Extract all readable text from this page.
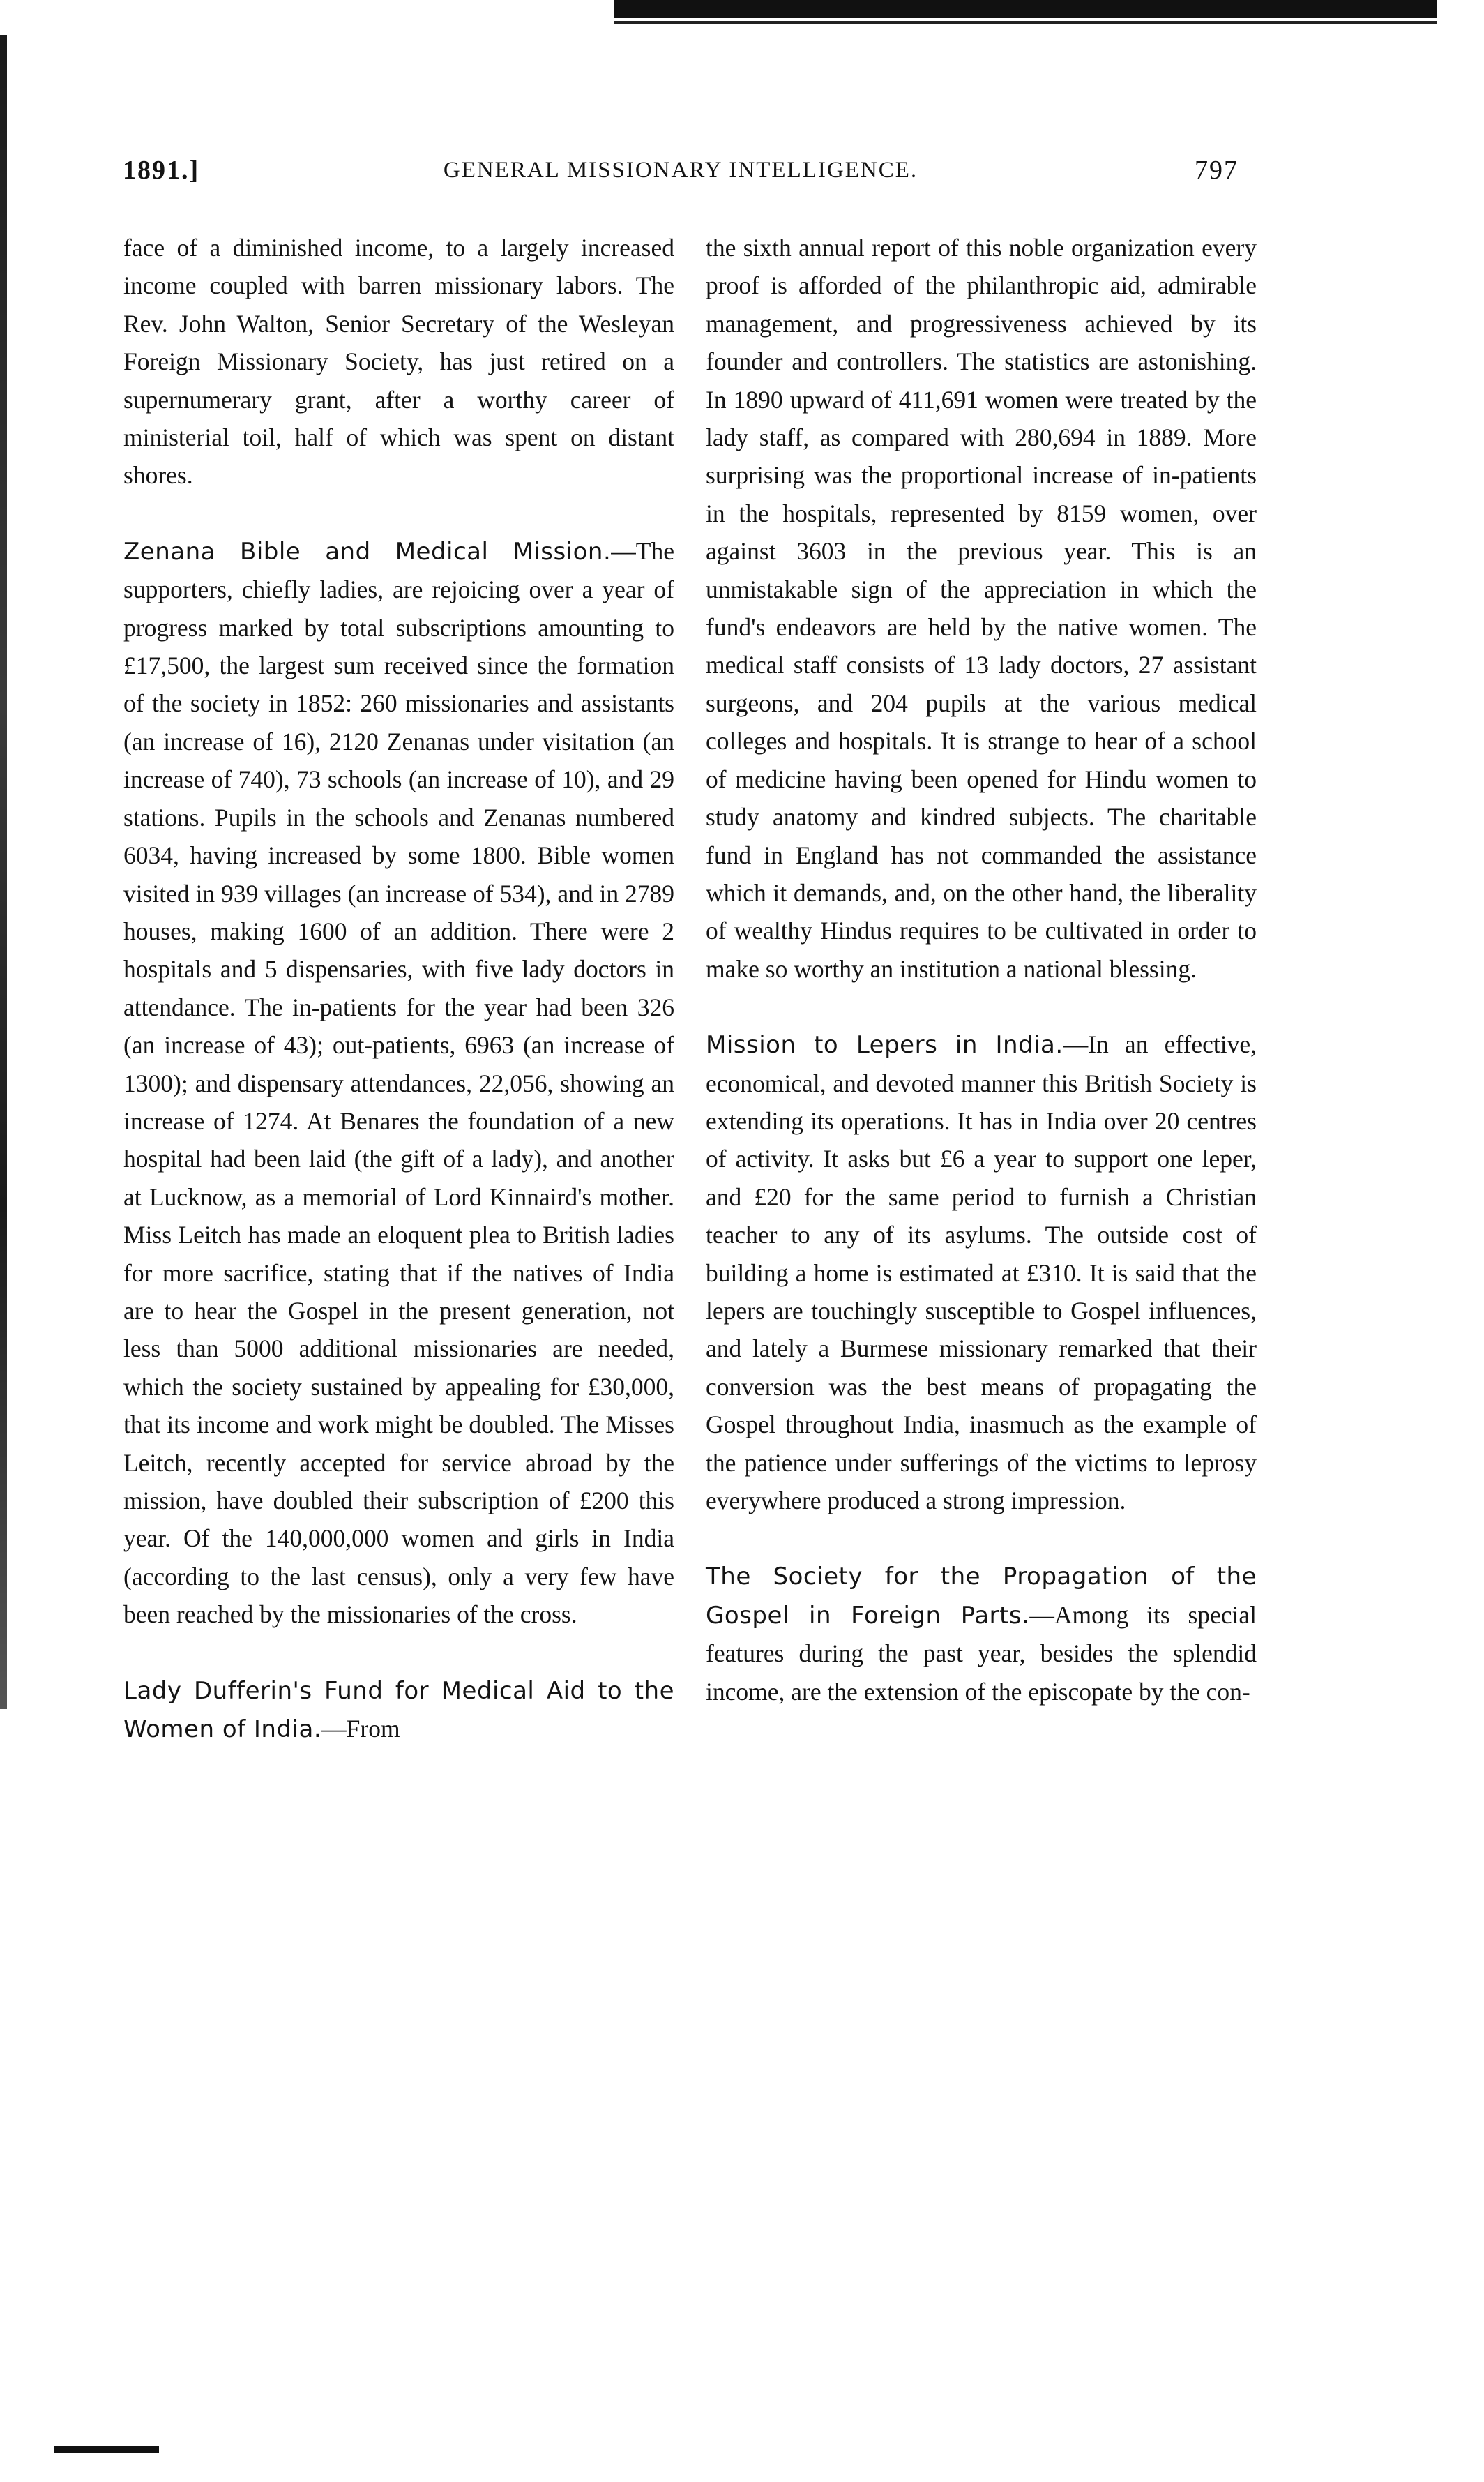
1891.]	GENERAL MISSIONARY INTELLIGENCE.	797

face of a diminished income, to a largely increased income coupled with barren missionary labors. The Rev. John Walton, Senior Secretary of the Wesleyan Foreign Missionary Society, has just retired on a supernumerary grant, after a worthy career of ministerial toil, half of which was spent on distant shores.

Zenana Bible and Medical Mission.—The supporters, chiefly ladies, are rejoicing over a year of progress marked by total subscriptions amounting to £17,500, the largest sum received since the formation of the society in 1852: 260 missionaries and assistants (an increase of 16), 2120 Zenanas under visitation (an increase of 740), 73 schools (an increase of 10), and 29 stations. Pupils in the schools and Zenanas numbered 6034, having increased by some 1800. Bible women visited in 939 villages (an increase of 534), and in 2789 houses, making 1600 of an addition. There were 2 hospitals and 5 dispensaries, with five lady doctors in attendance. The in-patients for the year had been 326 (an increase of 43); out-patients, 6963 (an increase of 1300); and dispensary attendances, 22,056, showing an increase of 1274. At Benares the foundation of a new hospital had been laid (the gift of a lady), and another at Lucknow, as a memorial of Lord Kinnaird's mother. Miss Leitch has made an eloquent plea to British ladies for more sacrifice, stating that if the natives of India are to hear the Gospel in the present generation, not less than 5000 additional missionaries are needed, which the society sustained by appealing for £30,000, that its income and work might be doubled. The Misses Leitch, recently accepted for service abroad by the mission, have doubled their subscription of £200 this year. Of the 140,000,000 women and girls in India (according to the last census), only a very few have been reached by the missionaries of the cross.

Lady Dufferin's Fund for Medical Aid to the Women of India.—From

the sixth annual report of this noble organization every proof is afforded of the philanthropic aid, admirable management, and progressiveness achieved by its founder and controllers. The statistics are astonishing. In 1890 upward of 411,691 women were treated by the lady staff, as compared with 280,694 in 1889. More surprising was the proportional increase of in-patients in the hospitals, represented by 8159 women, over against 3603 in the previous year. This is an unmistakable sign of the appreciation in which the fund's endeavors are held by the native women. The medical staff consists of 13 lady doctors, 27 assistant surgeons, and 204 pupils at the various medical colleges and hospitals. It is strange to hear of a school of medicine having been opened for Hindu women to study anatomy and kindred subjects. The charitable fund in England has not commanded the assistance which it demands, and, on the other hand, the liberality of wealthy Hindus requires to be cultivated in order to make so worthy an institution a national blessing.

Mission to Lepers in India.—In an effective, economical, and devoted manner this British Society is extending its operations. It has in India over 20 centres of activity. It asks but £6 a year to support one leper, and £20 for the same period to furnish a Christian teacher to any of its asylums. The outside cost of building a home is estimated at £310. It is said that the lepers are touchingly susceptible to Gospel influences, and lately a Burmese missionary remarked that their conversion was the best means of propagating the Gospel throughout India, inasmuch as the example of the patience under sufferings of the victims to leprosy everywhere produced a strong impression.

The Society for the Propagation of the Gospel in Foreign Parts.—Among its special features during the past year, besides the splendid income, are the extension of the episcopate by the con-
